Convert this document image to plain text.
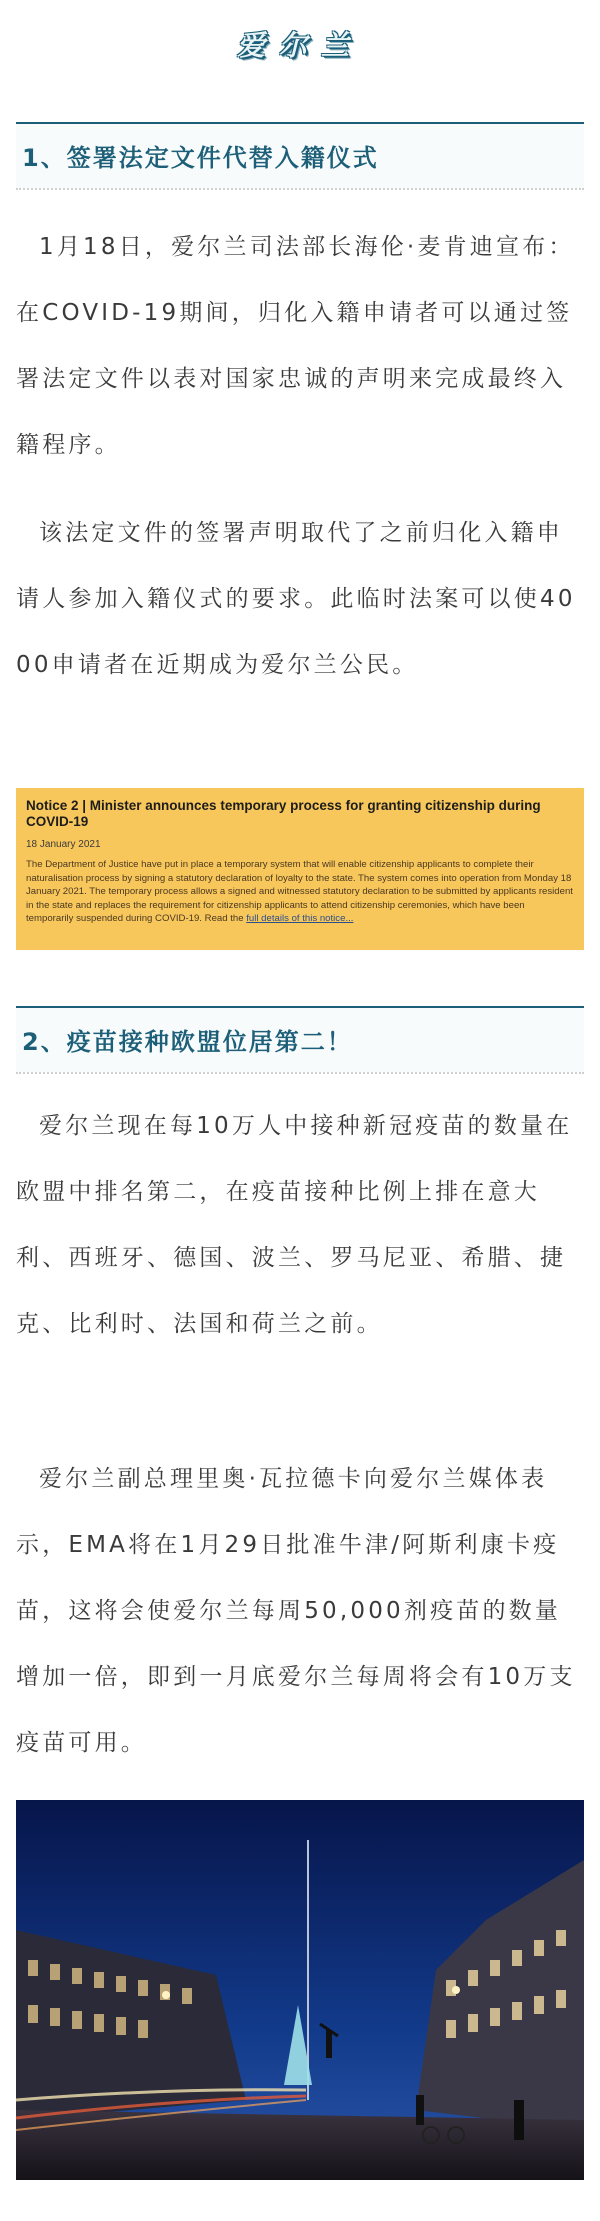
爱尔兰
1、签署法定文件代替入籍仪式

1月18日，爱尔兰司法部长海伦·麦肯迪宣布：在COVID-19期间，归化入籍申请者可以通过签署法定文件以表对国家忠诚的声明来完成最终入籍程序。

该法定文件的签署声明取代了之前归化入籍申请人参加入籍仪式的要求。此临时法案可以使4000申请者在近期成为爱尔兰公民。

Notice 2 | Minister announces temporary process for granting citizenship during COVID-19
18 January 2021
The Department of Justice have put in place a temporary system that will enable citizenship applicants to complete their naturalisation process by signing a statutory declaration of loyalty to the state. The system comes into operation from Monday 18 January 2021. The temporary process allows a signed and witnessed statutory declaration to be submitted by applicants resident in the state and replaces the requirement for citizenship applicants to attend citizenship ceremonies, which have been temporarily suspended during COVID-19. Read the full details of this notice...
2、疫苗接种欧盟位居第二！

爱尔兰现在每10万人中接种新冠疫苗的数量在欧盟中排名第二，在疫苗接种比例上排在意大利、西班牙、德国、波兰、罗马尼亚、希腊、捷克、比利时、法国和荷兰之前。

爱尔兰副总理里奥·瓦拉德卡向爱尔兰媒体表示，EMA将在1月29日批准牛津/阿斯利康卡疫苗，这将会使爱尔兰每周50,000剂疫苗的数量增加一倍，即到一月底爱尔兰每周将会有10万支疫苗可用。
